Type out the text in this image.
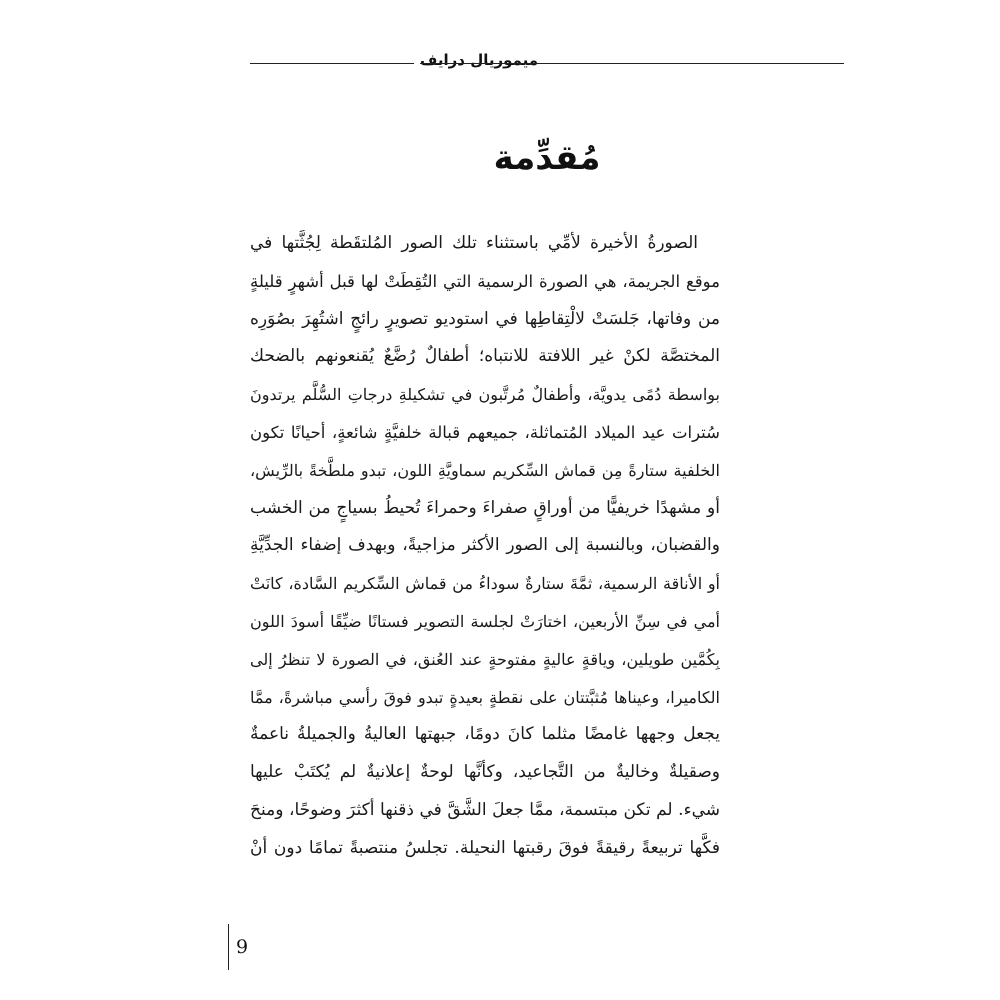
ميموريال درايف
مُقدِّمة
الصورةُ الأخيرة لأمِّي باستثناء تلك الصور المُلتقَطة لِجُثَّتها في
موقع الجريمة، هي الصورة الرسمية التي التُقِطَتْ لها قبل أشهرٍ قليلةٍ
من وفاتها، جَلسَتْ لالْتِقاطِها في استوديو تصويرٍ رائجٍ اشتُهِرَ بصُوَرِه
المختصَّة لكنْ غير اللافتة للانتباه؛ أطفالٌ رُضَّعٌ يُقنعونهم بالضحك
بواسطة دُمًى يدويَّة، وأطفالٌ مُرتَّبون في تشكيلةِ درجاتِ السُّلَّم يرتدونَ
سُترات عيد الميلاد المُتماثلة، جميعهم قبالة خلفيَّةٍ شائعةٍ، أحيانًا تكون
الخلفية ستارةً مِن قماش السِّكريم سماويَّةِ اللون، تبدو ملطَّخةً بالرِّيش،
أو مشهدًا خريفيًّا من أوراقٍ صفراءَ وحمراءَ تُحيطُ بسياجٍ من الخشب
والقضبان، وبالنسبة إلى الصور الأكثر مزاجيةً، وبهدف إضفاء الجدِّيَّةِ
أو الأناقة الرسمية، ثمَّةَ ستارةٌ سوداءُ من قماش السِّكريم السَّادة، كانَتْ
أمي في سِنِّ الأربعين، اختارَتْ لجلسة التصوير فستانًا ضيِّقًا أسودَ اللون
بِكُمَّين طويلين، وياقةٍ عاليةٍ مفتوحةٍ عند العُنق، في الصورة لا تنظرُ إلى
الكاميرا، وعيناها مُثبَّتتان على نقطةٍ بعيدةٍ تبدو فوقَ رأسي مباشرةً، ممَّا
يجعل وجهها غامضًا مثلما كانَ دومًا، جبهتها العاليةُ والجميلةُ ناعمةٌ
وصقيلةٌ وخاليةٌ من التَّجاعيد، وكأنَّها لوحةٌ إعلانيةٌ لم يُكتَبْ عليها
شيء. لم تكن مبتسمة، ممَّا جعلَ الشَّقَّ في ذقنها أكثرَ وضوحًا، ومنحَ
فكَّها تربيعةً رقيقةً فوقَ رقبتها النحيلة. تجلسُ منتصبةً تمامًا دون أنْ
9
